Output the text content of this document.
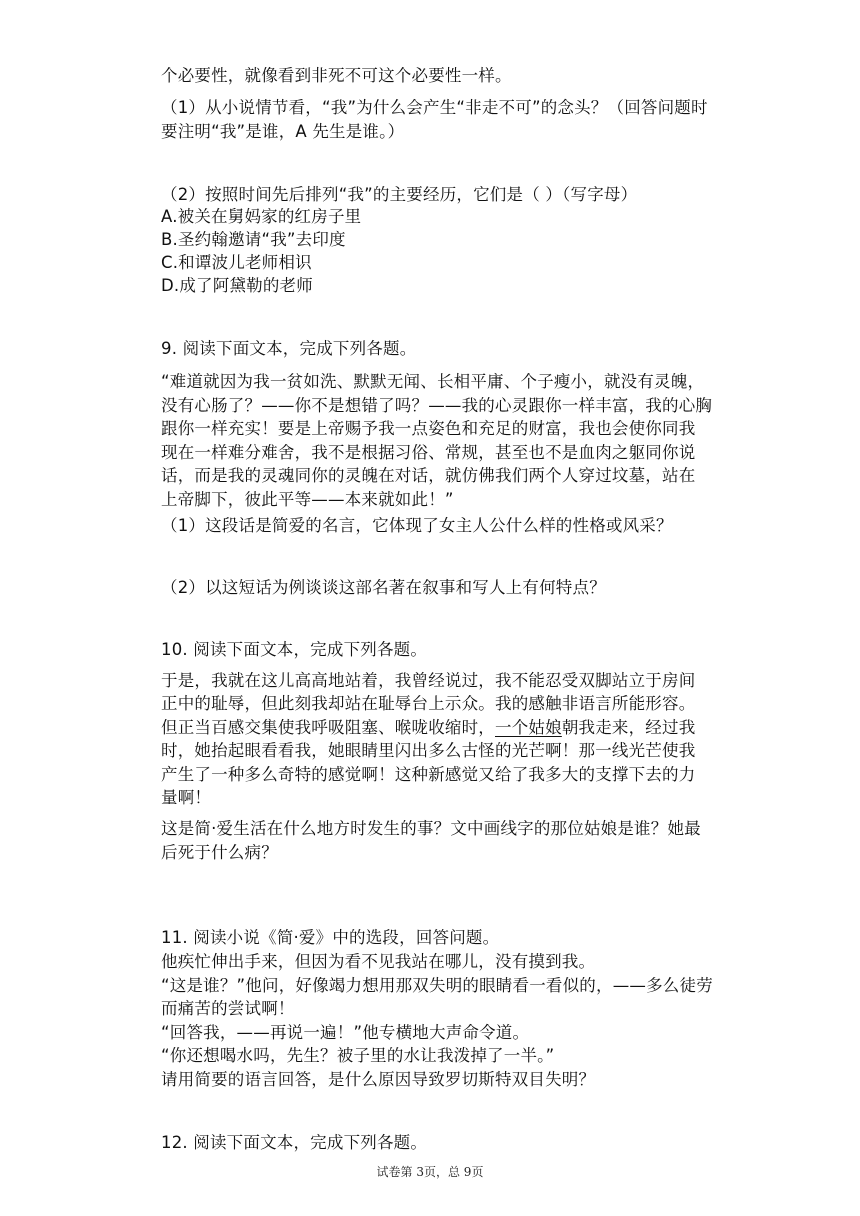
个必要性，就像看到非死不可这个必要性一样。
（1）从小说情节看，“我”为什么会产生“非走不可”的念头？（回答问题时
要注明“我”是谁，A 先生是谁。）
（2）按照时间先后排列“我”的主要经历，它们是（ ）（写字母）
A.被关在舅妈家的红房子里
B.圣约翰邀请“我”去印度
C.和谭波儿老师相识
D.成了阿黛勒的老师
9. 阅读下面文本，完成下列各题。
“难道就因为我一贫如洗、默默无闻、长相平庸、个子瘦小，就没有灵魄，
没有心肠了？——你不是想错了吗？——我的心灵跟你一样丰富，我的心胸
跟你一样充实！要是上帝赐予我一点姿色和充足的财富，我也会使你同我
现在一样难分难舍，我不是根据习俗、常规，甚至也不是血肉之躯同你说
话，而是我的灵魂同你的灵魄在对话，就仿佛我们两个人穿过坟墓，站在
上帝脚下，彼此平等——本来就如此！”
（1）这段话是简爱的名言，它体现了女主人公什么样的性格或风采？
（2）以这短话为例谈谈这部名著在叙事和写人上有何特点？
10. 阅读下面文本，完成下列各题。
于是，我就在这儿高高地站着，我曾经说过，我不能忍受双脚站立于房间
正中的耻辱，但此刻我却站在耻辱台上示众。我的感触非语言所能形容。
但正当百感交集使我呼吸阻塞、喉咙收缩时，一个姑娘朝我走来，经过我
时，她抬起眼看看我，她眼睛里闪出多么古怪的光芒啊！那一线光芒使我
产生了一种多么奇特的感觉啊！这种新感觉又给了我多大的支撑下去的力
量啊！
这是简·爱生活在什么地方时发生的事？文中画线字的那位姑娘是谁？她最
后死于什么病？
11. 阅读小说《简·爱》中的选段，回答问题。
他疾忙伸出手来，但因为看不见我站在哪儿，没有摸到我。
“这是谁？”他问，好像竭力想用那双失明的眼睛看一看似的，——多么徒劳
而痛苦的尝试啊！
“回答我，——再说一遍！”他专横地大声命令道。
“你还想喝水吗，先生？被子里的水让我泼掉了一半。”
请用简要的语言回答，是什么原因导致罗切斯特双目失明？
12. 阅读下面文本，完成下列各题。
试卷第 3页，总 9页
